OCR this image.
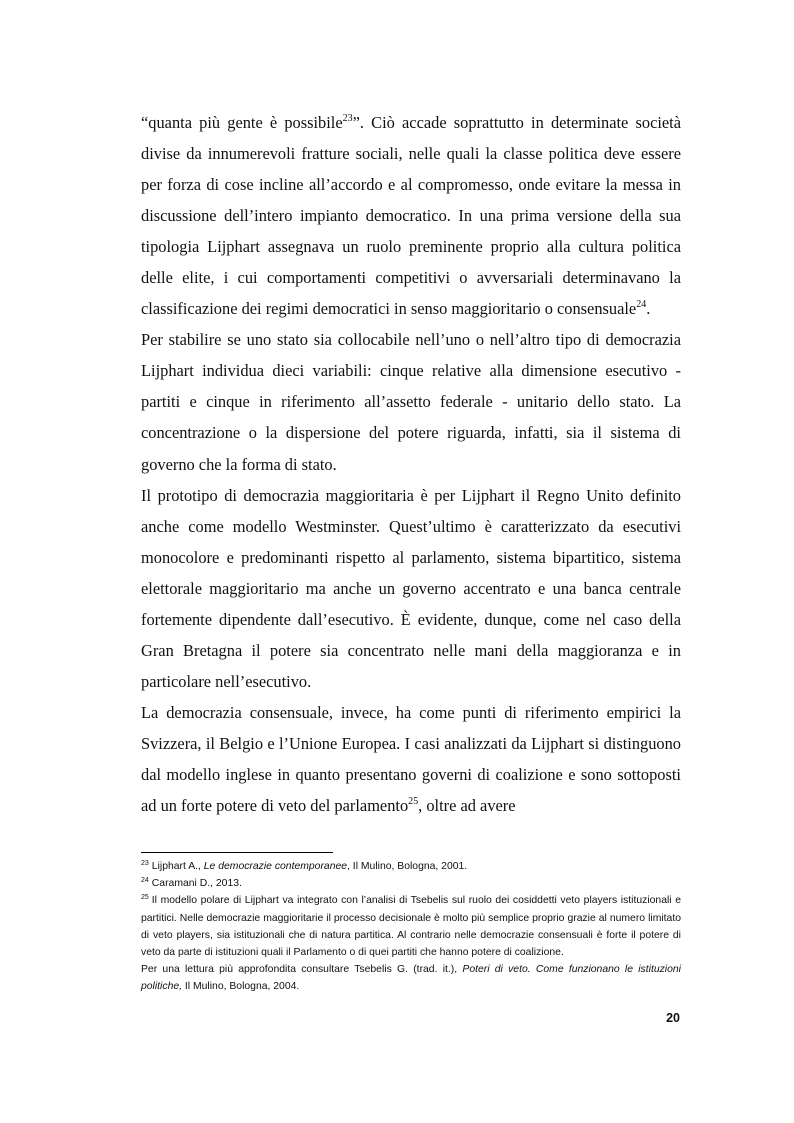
“quanta più gente è possibile$^{23}$”. Ciò accade soprattutto in determinate società divise da innumerevoli fratture sociali, nelle quali la classe politica deve essere per forza di cose incline all’accordo e al compromesso, onde evitare la messa in discussione dell’intero impianto democratico. In una prima versione della sua tipologia Lijphart assegnava un ruolo preminente proprio alla cultura politica delle elite, i cui comportamenti competitivi o avversariali determinavano la classificazione dei regimi democratici in senso maggioritario o consensuale$^{24}$.

Per stabilire se uno stato sia collocabile nell’uno o nell’altro tipo di democrazia Lijphart individua dieci variabili: cinque relative alla dimensione esecutivo - partiti e cinque in riferimento all’assetto federale - unitario dello stato. La concentrazione o la dispersione del potere riguarda, infatti, sia il sistema di governo che la forma di stato.

Il prototipo di democrazia maggioritaria è per Lijphart il Regno Unito definito anche come modello Westminster. Quest’ultimo è caratterizzato da esecutivi monocolore e predominanti rispetto al parlamento, sistema bipartitico, sistema elettorale maggioritario ma anche un governo accentrato e una banca centrale fortemente dipendente dall’esecutivo. È evidente, dunque, come nel caso della Gran Bretagna il potere sia concentrato nelle mani della maggioranza e in particolare nell’esecutivo.

La democrazia consensuale, invece, ha come punti di riferimento empirici la Svizzera, il Belgio e l’Unione Europea. I casi analizzati da Lijphart si distinguono dal modello inglese in quanto presentano governi di coalizione e sono sottoposti ad un forte potere di veto del parlamento$^{25}$, oltre ad avere

$^{23}$ Lijphart A., Le democrazie contemporanee, Il Mulino, Bologna, 2001.

$^{24}$ Caramani D., 2013.

$^{25}$ Il modello polare di Lijphart va integrato con l’analisi di Tsebelis sul ruolo dei cosiddetti veto players istituzionali e partitici. Nelle democrazie maggioritarie il processo decisionale è molto più semplice proprio grazie al numero limitato di veto players, sia istituzionali che di natura partitica. Al contrario nelle democrazie consensuali è forte il potere di veto da parte di istituzioni quali il Parlamento o di quei partiti che hanno potere di coalizione.

Per una lettura più approfondita consultare Tsebelis G. (trad. it.), Poteri di veto. Come funzionano le istituzioni politiche, Il Mulino, Bologna, 2004.

20
